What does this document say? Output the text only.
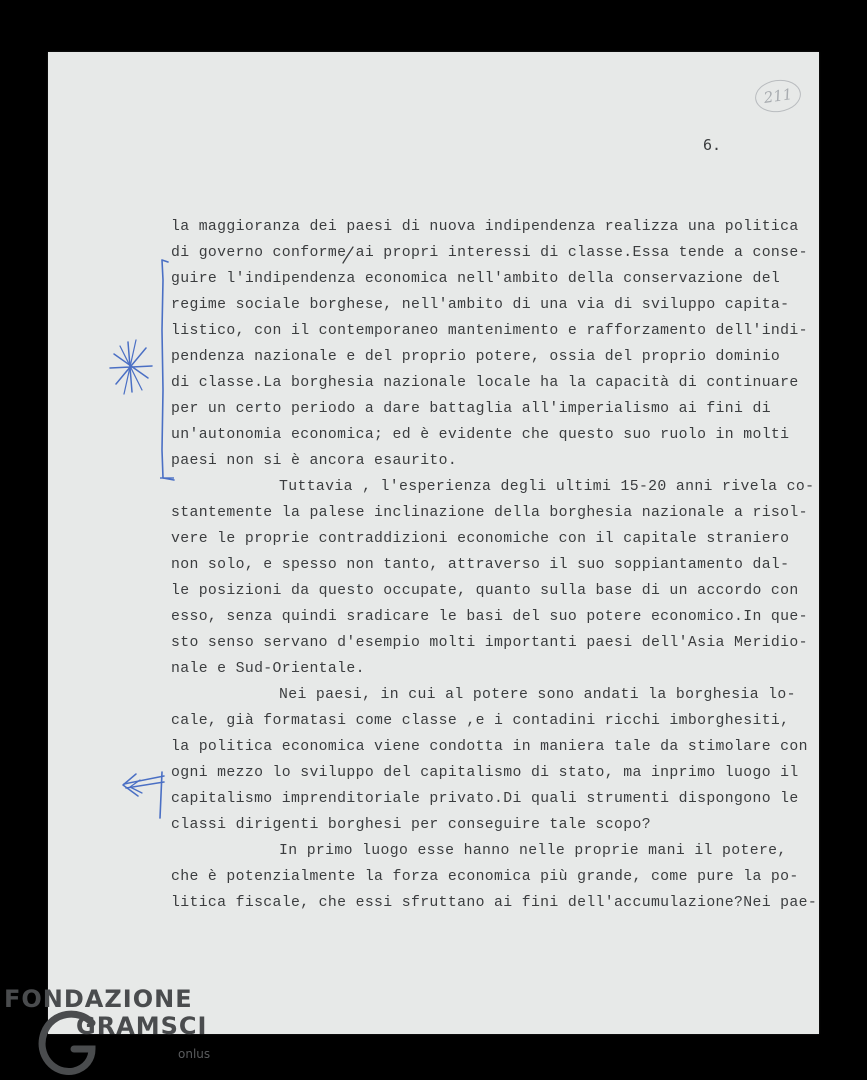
211
6.
la maggioranza dei paesi di nuova indipendenza realizza una politica
di governo conforme ai propri interessi di classe.Essa tende a conse-
guire l'indipendenza economica nell'ambito della conservazione del
regime sociale borghese, nell'ambito di una via di sviluppo capita-
listico, con il contemporaneo mantenimento e rafforzamento dell'indi-
pendenza nazionale e del proprio potere, ossia del proprio dominio
di classe.La borghesia nazionale locale ha la capacità di continuare
per un certo periodo a dare battaglia all'imperialismo ai fini di
un'autonomia economica; ed è evidente che questo suo ruolo in molti
paesi non si è ancora esaurito.
Tuttavia , l'esperienza degli ultimi 15-20 anni rivela co-
stantemente la palese inclinazione della borghesia nazionale a risol-
vere le proprie contraddizioni economiche con il capitale straniero
non solo, e spesso non tanto, attraverso il suo soppiantamento dal-
le posizioni da questo occupate, quanto sulla base di un accordo con
esso, senza quindi sradicare le basi del suo potere economico.In que-
sto senso servano d'esempio molti importanti paesi dell'Asia Meridio-
nale e Sud-Orientale.
Nei paesi, in cui al potere sono andati la borghesia lo-
cale, già formatasi come classe ,e i contadini ricchi imborghesiti,
la politica economica viene condotta in maniera tale da stimolare con
ogni mezzo lo sviluppo del capitalismo di stato, ma inprimo luogo il
capitalismo imprenditoriale privato.Di quali strumenti dispongono le
classi dirigenti borghesi per conseguire tale scopo?
In primo luogo esse hanno nelle proprie mani il potere,
che è potenzialmente la forza economica più grande, come pure la po-
litica fiscale, che essi sfruttano ai fini dell'accumulazione?Nei pae-
FONDAZIONE
GRAMSCI
onlus
